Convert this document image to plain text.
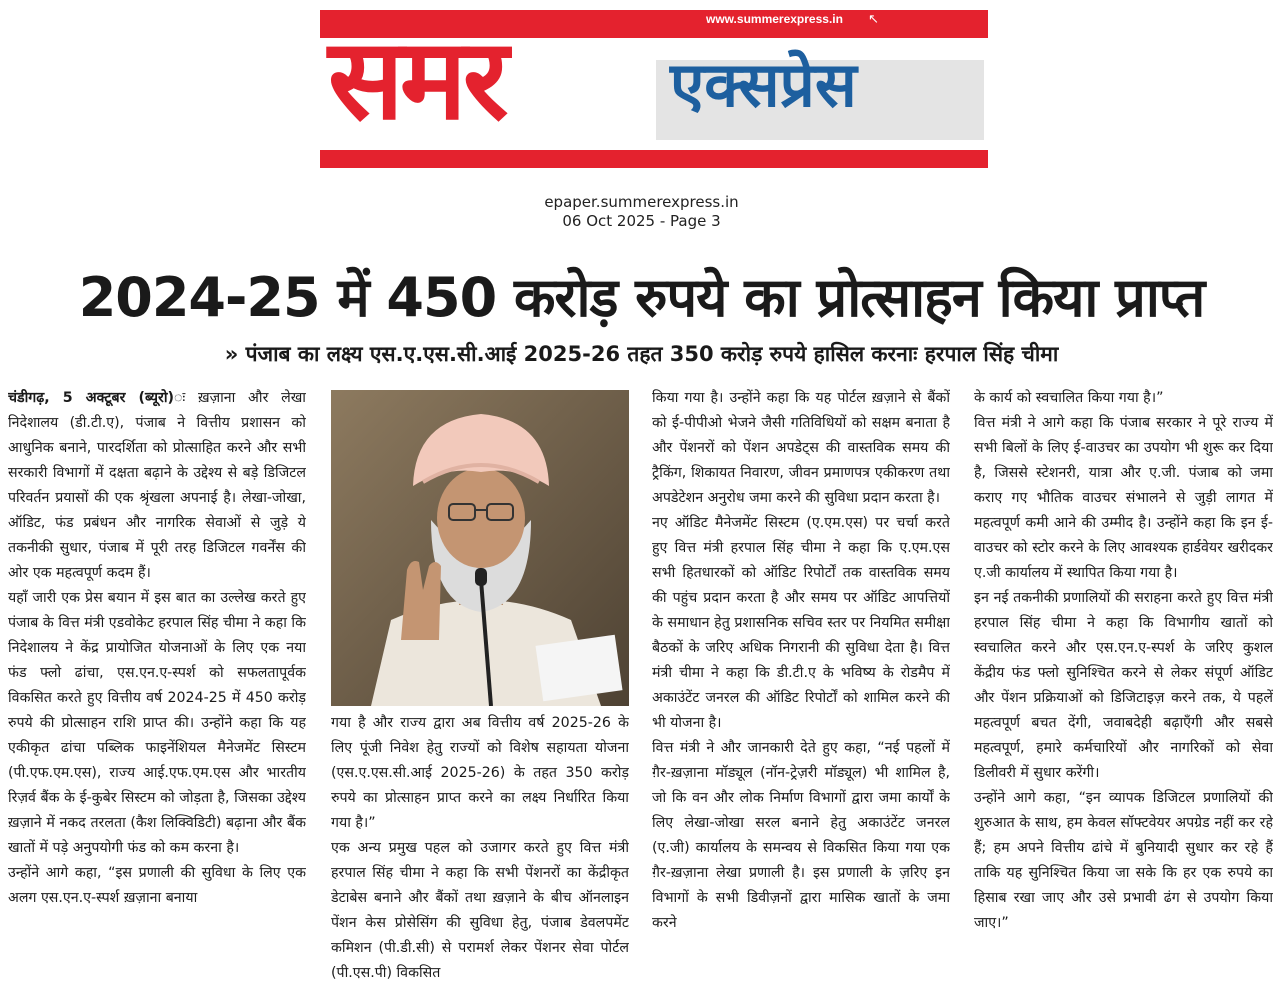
समर	एक्सप्रेस
www.summerexpress.in ↖
epaper.summerexpress.in
06 Oct 2025 - Page 3
2024-25 में 450 करोड़ रुपये का प्रोत्साहन किया प्राप्त
» पंजाब का लक्ष्य एस.ए.एस.सी.आई 2025-26 तहत 350 करोड़ रुपये हासिल करनाः हरपाल सिंह चीमा

चंडीगढ़, 5 अक्टूबर (ब्यूरो)ः ख़ज़ाना और लेखा निदेशालय (डी.टी.ए), पंजाब ने वित्तीय प्रशासन को आधुनिक बनाने, पारदर्शिता को प्रोत्साहित करने और सभी सरकारी विभागों में दक्षता बढ़ाने के उद्देश्य से बड़े डिजिटल परिवर्तन प्रयासों की एक श्रृंखला अपनाई है। लेखा-जोखा, ऑडिट, फंड प्रबंधन और नागरिक सेवाओं से जुड़े ये तकनीकी सुधार, पंजाब में पूरी तरह डिजिटल गवर्नेंस की ओर एक महत्वपूर्ण कदम हैं।

यहाँ जारी एक प्रेस बयान में इस बात का उल्लेख करते हुए पंजाब के वित्त मंत्री एडवोकेट हरपाल सिंह चीमा ने कहा कि निदेशालय ने केंद्र प्रायोजित योजनाओं के लिए एक नया फंड फ्लो ढांचा, एस.एन.ए-स्पर्श को सफलतापूर्वक विकसित करते हुए वित्तीय वर्ष 2024-25 में 450 करोड़ रुपये की प्रोत्साहन राशि प्राप्त की। उन्होंने कहा कि यह एकीकृत ढांचा पब्लिक फाइनेंशियल मैनेजमेंट सिस्टम (पी.एफ.एम.एस), राज्य आई.एफ.एम.एस और भारतीय रिज़र्व बैंक के ई-कुबेर सिस्टम को जोड़ता है, जिसका उद्देश्य ख़ज़ाने में नकद तरलता (कैश लिक्विडिटी) बढ़ाना और बैंक खातों में पड़े अनुपयोगी फंड को कम करना है।

उन्होंने आगे कहा, “इस प्रणाली की सुविधा के लिए एक अलग एस.एन.ए-स्पर्श ख़ज़ाना बनाया

गया है और राज्य द्वारा अब वित्तीय वर्ष 2025-26 के लिए पूंजी निवेश हेतु राज्यों को विशेष सहायता योजना (एस.ए.एस.सी.आई 2025-26) के तहत 350 करोड़ रुपये का प्रोत्साहन प्राप्त करने का लक्ष्य निर्धारित किया गया है।”

एक अन्य प्रमुख पहल को उजागर करते हुए वित्त मंत्री हरपाल सिंह चीमा ने कहा कि सभी पेंशनरों का केंद्रीकृत डेटाबेस बनाने और बैंकों तथा ख़ज़ाने के बीच ऑनलाइन पेंशन केस प्रोसेसिंग की सुविधा हेतु, पंजाब डेवलपमेंट कमिशन (पी.डी.सी) से परामर्श लेकर पेंशनर सेवा पोर्टल (पी.एस.पी) विकसित

किया गया है। उन्होंने कहा कि यह पोर्टल ख़ज़ाने से बैंकों को ई-पीपीओ भेजने जैसी गतिविधियों को सक्षम बनाता है और पेंशनरों को पेंशन अपडेट्स की वास्तविक समय की ट्रैकिंग, शिकायत निवारण, जीवन प्रमाणपत्र एकीकरण तथा अपडेटेशन अनुरोध जमा करने की सुविधा प्रदान करता है।

नए ऑडिट मैनेजमेंट सिस्टम (ए.एम.एस) पर चर्चा करते हुए वित्त मंत्री हरपाल सिंह चीमा ने कहा कि ए.एम.एस सभी हितधारकों को ऑडिट रिपोर्टों तक वास्तविक समय की पहुंच प्रदान करता है और समय पर ऑडिट आपत्तियों के समाधान हेतु प्रशासनिक सचिव स्तर पर नियमित समीक्षा बैठकों के जरिए अधिक निगरानी की सुविधा देता है। वित्त मंत्री चीमा ने कहा कि डी.टी.ए के भविष्य के रोडमैप में अकाउंटेंट जनरल की ऑडिट रिपोर्टों को शामिल करने की भी योजना है।

वित्त मंत्री ने और जानकारी देते हुए कहा, “नई पहलों में ग़ैर-ख़ज़ाना मॉड्यूल (नॉन-ट्रेज़री मॉड्यूल) भी शामिल है, जो कि वन और लोक निर्माण विभागों द्वारा जमा कार्यों के लिए लेखा-जोखा सरल बनाने हेतु अकाउंटेंट जनरल (ए.जी) कार्यालय के समन्वय से विकसित किया गया एक ग़ैर-ख़ज़ाना लेखा प्रणाली है। इस प्रणाली के ज़रिए इन विभागों के सभी डिवीज़नों द्वारा मासिक खातों के जमा करने

के कार्य को स्वचालित किया गया है।”

वित्त मंत्री ने आगे कहा कि पंजाब सरकार ने पूरे राज्य में सभी बिलों के लिए ई-वाउचर का उपयोग भी शुरू कर दिया है, जिससे स्टेशनरी, यात्रा और ए.जी. पंजाब को जमा कराए गए भौतिक वाउचर संभालने से जुड़ी लागत में महत्वपूर्ण कमी आने की उम्मीद है। उन्होंने कहा कि इन ई-वाउचर को स्टोर करने के लिए आवश्यक हार्डवेयर खरीदकर ए.जी कार्यालय में स्थापित किया गया है।

इन नई तकनीकी प्रणालियों की सराहना करते हुए वित्त मंत्री हरपाल सिंह चीमा ने कहा कि विभागीय खातों को स्वचालित करने और एस.एन.ए-स्पर्श के जरिए कुशल केंद्रीय फंड फ्लो सुनिश्चित करने से लेकर संपूर्ण ऑडिट और पेंशन प्रक्रियाओं को डिजिटाइज़ करने तक, ये पहलें महत्वपूर्ण बचत देंगी, जवाबदेही बढ़ाएँगी और सबसे महत्वपूर्ण, हमारे कर्मचारियों और नागरिकों को सेवा डिलीवरी में सुधार करेंगी।

उन्होंने आगे कहा, “इन व्यापक डिजिटल प्रणालियों की शुरुआत के साथ, हम केवल सॉफ्टवेयर अपग्रेड नहीं कर रहे हैं; हम अपने वित्तीय ढांचे में बुनियादी सुधार कर रहे हैं ताकि यह सुनिश्चित किया जा सके कि हर एक रुपये का हिसाब रखा जाए और उसे प्रभावी ढंग से उपयोग किया जाए।”
